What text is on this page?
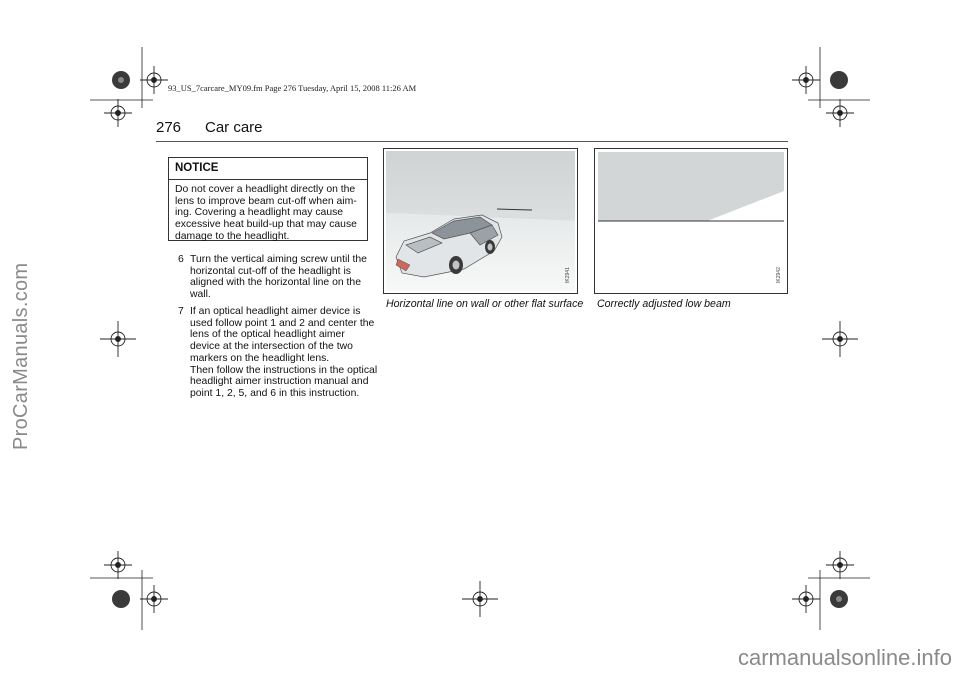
93_US_7carcare_MY09.fm Page 276 Tuesday, April 15, 2008 11:26 AM
276 Car care
NOTICE
Do not cover a headlight directly on the
lens to improve beam cut-off when aim-
ing. Covering a headlight may cause
excessive heat build-up that may cause
damage to the headlight.
6 Turn the vertical aiming screw until the
horizontal cut-off of the headlight is
aligned with the horizontal line on the
wall.
7 If an optical headlight aimer device is
used follow point 1 and 2 and center the
lens of the optical headlight aimer
device at the intersection of the two
markers on the headlight lens.
Then follow the instructions in the optical
headlight aimer instruction manual and
point 1, 2, 5, and 6 in this instruction.
IK2941
Horizontal line on wall or other flat surface
IK2942
Correctly adjusted low beam
ProCarManuals.com
carmanualsonline.info
